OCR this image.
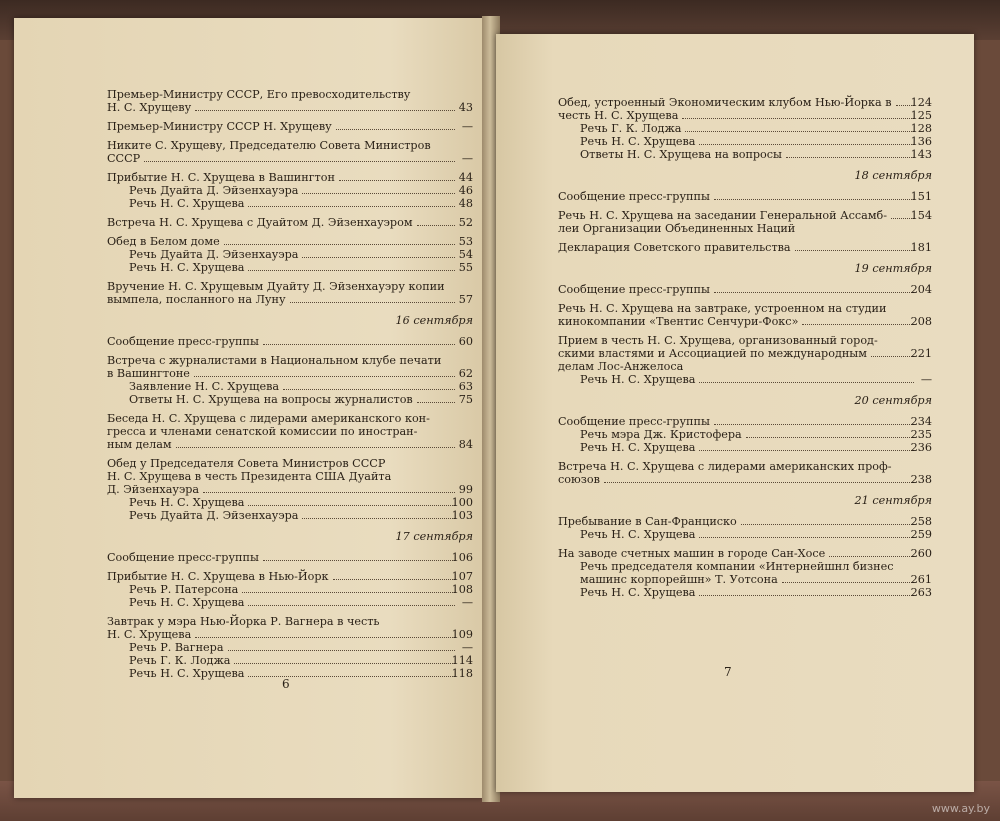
Премьер-Министру СССР, Его превосходительству
Н. С. Хрущеву	43
Премьер-Министру СССР Н. Хрущеву	—
Никите С. Хрущеву, Председателю Совета Министров
СССР	—
Прибытие Н. С. Хрущева в Вашингтон	44
Речь Дуайта Д. Эйзенхауэра	46
Речь Н. С. Хрущева	48
Встреча Н. С. Хрущева с Дуайтом Д. Эйзенхауэром	52
Обед в Белом доме	53
Речь Дуайта Д. Эйзенхауэра	54
Речь Н. С. Хрущева	55
Вручение Н. С. Хрущевым Дуайту Д. Эйзенхауэру копии
вымпела, посланного на Луну	57
16 сентября
Сообщение пресс-группы	60
Встреча с журналистами в Национальном клубе печати
в Вашингтоне	62
Заявление Н. С. Хрущева	63
Ответы Н. С. Хрущева на вопросы журналистов	75
Беседа Н. С. Хрущева с лидерами американского кон-
гресса и членами сенатской комиссии по иностран-
ным делам	84
Обед у Председателя Совета Министров СССР
Н. С. Хрущева в честь Президента США Дуайта
Д. Эйзенхауэра	99
Речь Н. С. Хрущева	100
Речь Дуайта Д. Эйзенхауэра	103
17 сентября
Сообщение пресс-группы	106
Прибытие Н. С. Хрущева в Нью-Йорк	107
Речь Р. Патерсона	108
Речь Н. С. Хрущева	—
Завтрак у мэра Нью-Йорка Р. Вагнера в честь
Н. С. Хрущева	109
Речь Р. Вагнера	—
Речь Г. К. Лоджа	114
Речь Н. С. Хрущева	118
6
Обед, устроенный Экономическим клубом Нью-Йорка в	124
честь Н. С. Хрущева	125
Речь Г. К. Лоджа	128
Речь Н. С. Хрущева	136
Ответы Н. С. Хрущева на вопросы	143
18 сентября
Сообщение пресс-группы	151
Речь Н. С. Хрущева на заседании Генеральной Ассамб-	154
леи Организации Объединенных Наций
Декларация Советского правительства	181
19 сентября
Сообщение пресс-группы	204
Речь Н. С. Хрущева на завтраке, устроенном на студии
кинокомпании «Твентис Сенчури-Фокс»	208
Прием в честь Н. С. Хрущева, организованный город-
скими властями и Ассоциацией по международным	221
делам Лос-Анжелоса
Речь Н. С. Хрущева	—
20 сентября
Сообщение пресс-группы	234
Речь мэра Дж. Кристофера	235
Речь Н. С. Хрущева	236
Встреча Н. С. Хрущева с лидерами американских проф-
союзов	238
21 сентября
Пребывание в Сан-Франциско	258
Речь Н. С. Хрущева	259
На заводе счетных машин в городе Сан-Хосе	260
Речь председателя компании «Интернейшнл бизнес
машинс корпорейшн» Т. Уотсона	261
Речь Н. С. Хрущева	263
7
www.ay.by
